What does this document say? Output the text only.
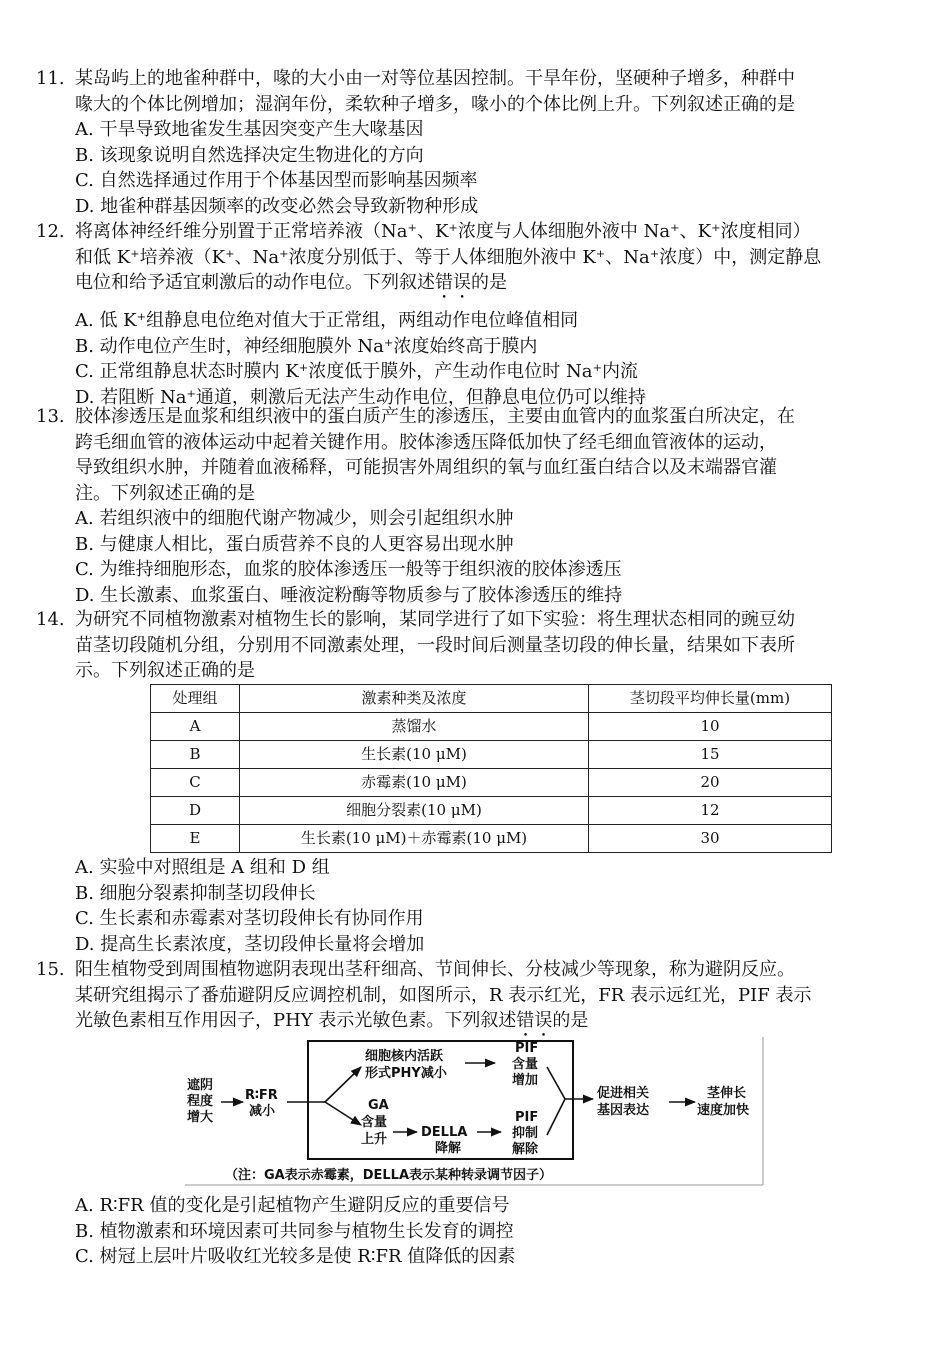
11. 某岛屿上的地雀种群中，喙的大小由一对等位基因控制。干旱年份，坚硬种子增多，种群中
喙大的个体比例增加；湿润年份，柔软种子增多，喙小的个体比例上升。下列叙述正确的是
A. 干旱导致地雀发生基因突变产生大喙基因
B. 该现象说明自然选择决定生物进化的方向
C. 自然选择通过作用于个体基因型而影响基因频率
D. 地雀种群基因频率的改变必然会导致新物种形成
12. 将离体神经纤维分别置于正常培养液（Na⁺、K⁺浓度与人体细胞外液中 Na⁺、K⁺浓度相同）
和低 K⁺培养液（K⁺、Na⁺浓度分别低于、等于人体细胞外液中 K⁺、Na⁺浓度）中，测定静息
电位和给予适宜刺激后的动作电位。下列叙述错误的是
A. 低 K⁺组静息电位绝对值大于正常组，两组动作电位峰值相同
B. 动作电位产生时，神经细胞膜外 Na⁺浓度始终高于膜内
C. 正常组静息状态时膜内 K⁺浓度低于膜外，产生动作电位时 Na⁺内流
D. 若阻断 Na⁺通道，刺激后无法产生动作电位，但静息电位仍可以维持
13. 胶体渗透压是血浆和组织液中的蛋白质产生的渗透压，主要由血管内的血浆蛋白所决定，在
跨毛细血管的液体运动中起着关键作用。胶体渗透压降低加快了经毛细血管液体的运动，
导致组织水肿，并随着血液稀释，可能损害外周组织的氧与血红蛋白结合以及末端器官灌
注。下列叙述正确的是
A. 若组织液中的细胞代谢产物减少，则会引起组织水肿
B. 与健康人相比，蛋白质营养不良的人更容易出现水肿
C. 为维持细胞形态，血浆的胶体渗透压一般等于组织液的胶体渗透压
D. 生长激素、血浆蛋白、唾液淀粉酶等物质参与了胶体渗透压的维持
14. 为研究不同植物激素对植物生长的影响，某同学进行了如下实验：将生理状态相同的豌豆幼
苗茎切段随机分组，分别用不同激素处理，一段时间后测量茎切段的伸长量，结果如下表所
示。下列叙述正确的是
处理组	激素种类及浓度	茎切段平均伸长量(mm)
A	蒸馏水	10
B	生长素(10 μM)	15
C	赤霉素(10 μM)	20
D	细胞分裂素(10 μM)	12
E	生长素(10 μM)＋赤霉素(10 μM)	30
A. 实验中对照组是 A 组和 D 组
B. 细胞分裂素抑制茎切段伸长
C. 生长素和赤霉素对茎切段伸长有协同作用
D. 提高生长素浓度，茎切段伸长量将会增加
15. 阳生植物受到周围植物遮阴表现出茎秆细高、节间伸长、分枝减少等现象，称为避阴反应。
某研究组揭示了番茄避阴反应调控机制，如图所示，R 表示红光，FR 表示远红光，PIF 表示
光敏色素相互作用因子，PHY 表示光敏色素。下列叙述错误的是
遮阴
程度
增大
R∶FR
减小
细胞核内活跃
形式PHY减小
PIF
含量
增加
GA
含量
上升	DELLA
降解
PIF
抑制
解除
促进相关
基因表达
茎伸长
速度加快
（注：GA表示赤霉素，DELLA表示某种转录调节因子）
A. R∶FR 值的变化是引起植物产生避阴反应的重要信号
B. 植物激素和环境因素可共同参与植物生长发育的调控
C. 树冠上层叶片吸收红光较多是使 R∶FR 值降低的因素
